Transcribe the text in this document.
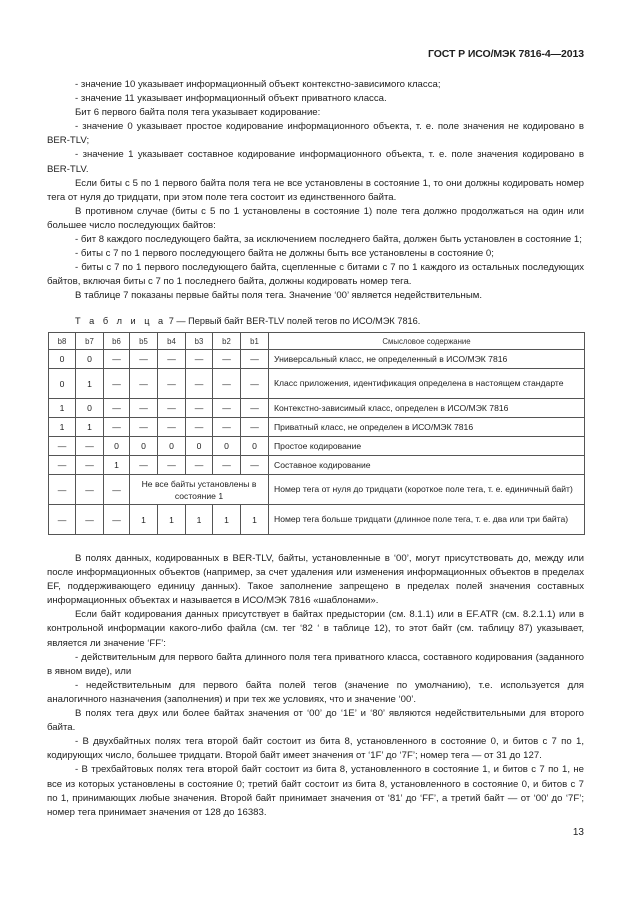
ГОСТ Р ИСО/МЭК 7816-4—2013

- значение 10 указывает информационный объект контекстно-зависимого класса;

- значение 11 указывает информационный объект приватного класса.

Бит 6 первого байта поля тега указывает кодирование:

- значение 0 указывает простое кодирование информационного объекта, т. е. поле значения не кодировано в BER-TLV;

- значение 1 указывает составное кодирование информационного объекта, т. е. поле значения кодировано в BER-TLV.

Если биты с 5 по 1 первого байта поля тега не все установлены в состояние 1, то они должны кодировать номер тега от нуля до тридцати, при этом поле тега состоит из единственного байта.

В противном случае (биты с 5 по 1 установлены в состояние 1) поле тега должно продолжаться на один или большее число последующих байтов:

- бит 8 каждого последующего байта, за исключением последнего байта, должен быть установлен в состояние 1;

- биты с 7 по 1 первого последующего байта не должны быть все установлены в состояние 0;

- биты с 7 по 1 первого последующего байта, сцепленные с битами с 7 по 1 каждого из остальных последующих байтов, включая биты с 7 по 1 последнего байта, должны кодировать номер тега.

В таблице 7 показаны первые байты поля тега. Значение ‘00’ является недействительным.

Т а б л и ц а 7 — Первый байт BER-TLV полей тегов по ИСО/МЭК 7816.
b8	b7	b6	b5	b4	b3	b2	b1	Смысловое содержание
0	0	—	—	—	—	—	—	Универсальный класс, не определенный в ИСО/МЭК 7816
0	1	—	—	—	—	—	—	Класс приложения, идентификация определена в настоящем стандарте
1	0	—	—	—	—	—	—	Контекстно-зависимый класс, определен в ИСО/МЭК 7816
1	1	—	—	—	—	—	—	Приватный класс, не определен в ИСО/МЭК 7816
—	—	0	0	0	0	0	0	Простое кодирование
—	—	1	—	—	—	—	—	Составное кодирование
—	—	—	Не все байты установлены в состояние 1					Номер тега от нуля до тридцати (короткое поле тега, т. е. единичный байт)
—	—	—	1	1	1	1	1	Номер тега больше тридцати (длинное поле тега, т. е. два или три байта)

В полях данных, кодированных в BER-TLV, байты, установленные в ‘00’, могут присутствовать до, между или после информационных объектов (например, за счет удаления или изменения информационных объектов в пределах EF, поддерживающего единицу данных). Такое заполнение запрещено в пределах полей значения составных информационных объектах и называется в ИСО/МЭК 7816 «шаблонами».

Если байт кодирования данных присутствует в байтах предыстории (см. 8.1.1) или в EF.ATR (см. 8.2.1.1) или в контрольной информации какого-либо файла (см. тег ‘82 ‘ в таблице 12), то этот байт (см. таблицу 87) указывает, является ли значение ‘FF’:

- действительным для первого байта длинного поля тега приватного класса, составного кодирования (заданного в явном виде), или

- недействительным для первого байта полей тегов (значение по умолчанию), т.е. используется для аналогичного назначения (заполнения) и при тех же условиях, что и значение ‘00’.

В полях тега двух или более байтах значения от ‘00’ до ‘1E’ и ‘80’ являются недействительными для второго байта.

- В двухбайтных полях тега второй байт состоит из бита 8, установленного в состояние 0, и битов с 7 по 1, кодирующих число, большее тридцати. Второй байт имеет значения от ‘1F’ до ‘7F’; номер тега — от 31 до 127.

- В трехбайтовых полях тега второй байт состоит из бита 8, установленного в состояние 1, и битов с 7 по 1, не все из которых установлены в состояние 0; третий байт состоит из бита 8, установленного в состояние 0, и битов с 7 по 1, принимающих любые значения. Второй байт принимает значения от ‘81’ до ‘FF’, а третий байт — от ‘00’ до ‘7F’; номер тега принимает значения от 128 до 16383.

13
